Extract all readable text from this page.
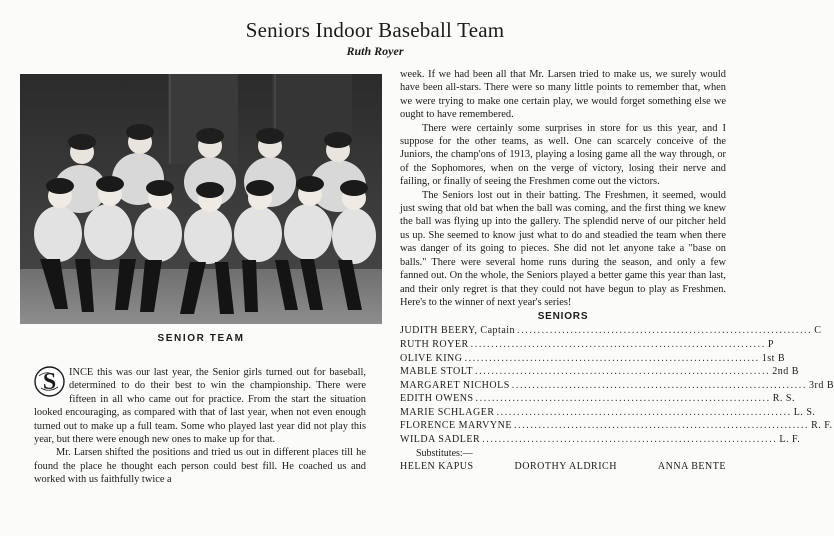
Seniors Indoor Baseball Team
Ruth Royer
SENIOR TEAM

S INCE this was our last year, the Senior girls turned out for baseball, determined to do their best to win the championship. There were fifteen in all who came out for practice. From the start the situation looked encouraging, as compared with that of last year, when not even enough turned out to make up a full team. Some who played last year did not play this year, but there were enough new ones to make up for that.

Mr. Larsen shifted the positions and tried us out in different places till he found the place he thought each person could best fill. He coached us and worked with us faithfully twice a

week. If we had been all that Mr. Larsen tried to make us, we surely would have been all-stars. There were so many little points to remember that, when we were trying to make one certain play, we would forget something else we ought to have remembered.

There were certainly some surprises in store for us this year, and I suppose for the other teams, as well. One can scarcely conceive of the Juniors, the champ'ons of 1913, playing a losing game all the way through, or of the Sophomores, when on the verge of victory, losing their nerve and failing, or finally of seeing the Freshmen come out the victors.

The Seniors lost out in their batting. The Freshmen, it seemed, would just swing that old bat when the ball was coming, and the first thing we knew the ball was flying up into the gallery. The splendid nerve of our pitcher held us up. She seemed to know just what to do and steadied the team when there was danger of its going to pieces. She did not let anyone take a "base on balls." There were several home runs during the season, and only a few fanned out. On the whole, the Seniors played a better game this year than last, and their only regret is that they could not have begun to play as Freshmen. Here's to the winner of next year's series!

SENIORS
JUDITH BEERY, Captain ........................................................................ C
RUTH ROYER ........................................................................ P
OLIVE KING ........................................................................ 1st B
MABLE STOLT ........................................................................ 2nd B
MARGARET NICHOLS ........................................................................ 3rd B
EDITH OWENS ........................................................................ R. S.
MARIE SCHLAGER ........................................................................ L. S.
FLORENCE MARVYNE ........................................................................ R. F.
WILDA SADLER ........................................................................ L. F.
Substitutes:—
HELEN KAPUS	DOROTHY ALDRICH	ANNA BENTE
